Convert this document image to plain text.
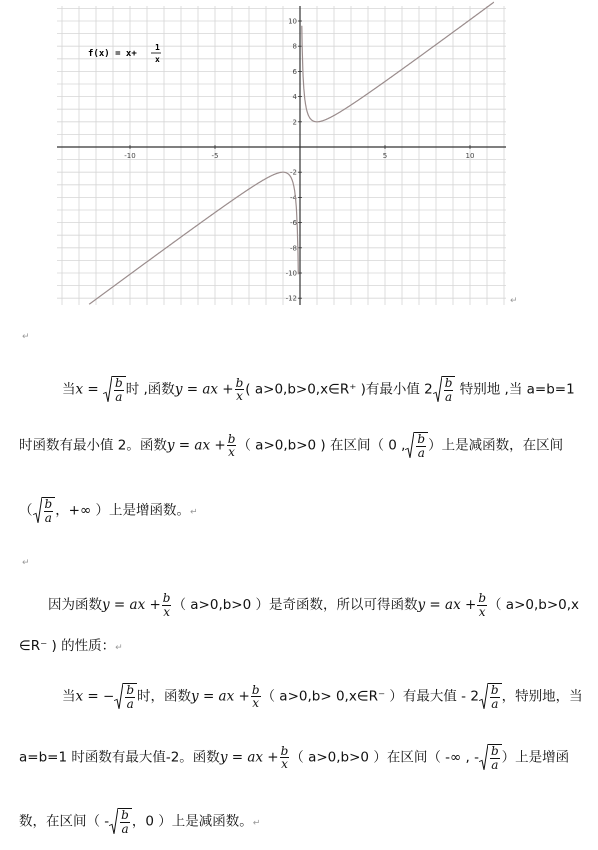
-10	-5	5	10
10
8
6
4
2
-2
-4
-6
-8
-10
-12
f(x) = x+
1
x
↵
↵
当$x = \frac{b}{a}$ 时 ,函数y = ax + $\frac{b}{x}$ ( a>0,b>0,x∈R⁺ )有最小值 $2 \frac{b}{a}$ 特别地 ,当 a=b=1
时函数有最小值 2。函数y = ax + $\frac{b}{x}$ （ a>0,b>0 ) 在区间（ 0 , $\frac{b}{a}$ ）上是减函数，在区间
（ $\frac{b}{a}$ ，+∞ ）上是增函数。↵
↵
因为函数y = ax + $\frac{b}{x}$ （ a>0,b>0 ）是奇函数，所以可得函数y = ax + $\frac{b}{x}$ （ a>0,b>0,x
∈R⁻ ) 的性质：↵
当x = − $\frac{b}{a}$ 时，函数y = ax + $\frac{b}{x}$ （ a>0,b> 0,x∈R⁻ ）有最大值 - $2 \frac{b}{a}$ ，特别地，当
a=b=1 时函数有最大值-2。函数y = ax + $\frac{b}{x}$ （ a>0,b>0 ）在区间（ -∞ , - $\frac{b}{a}$ ）上是增函
数，在区间（ - $\frac{b}{a}$ ，0 ）上是减函数。↵
